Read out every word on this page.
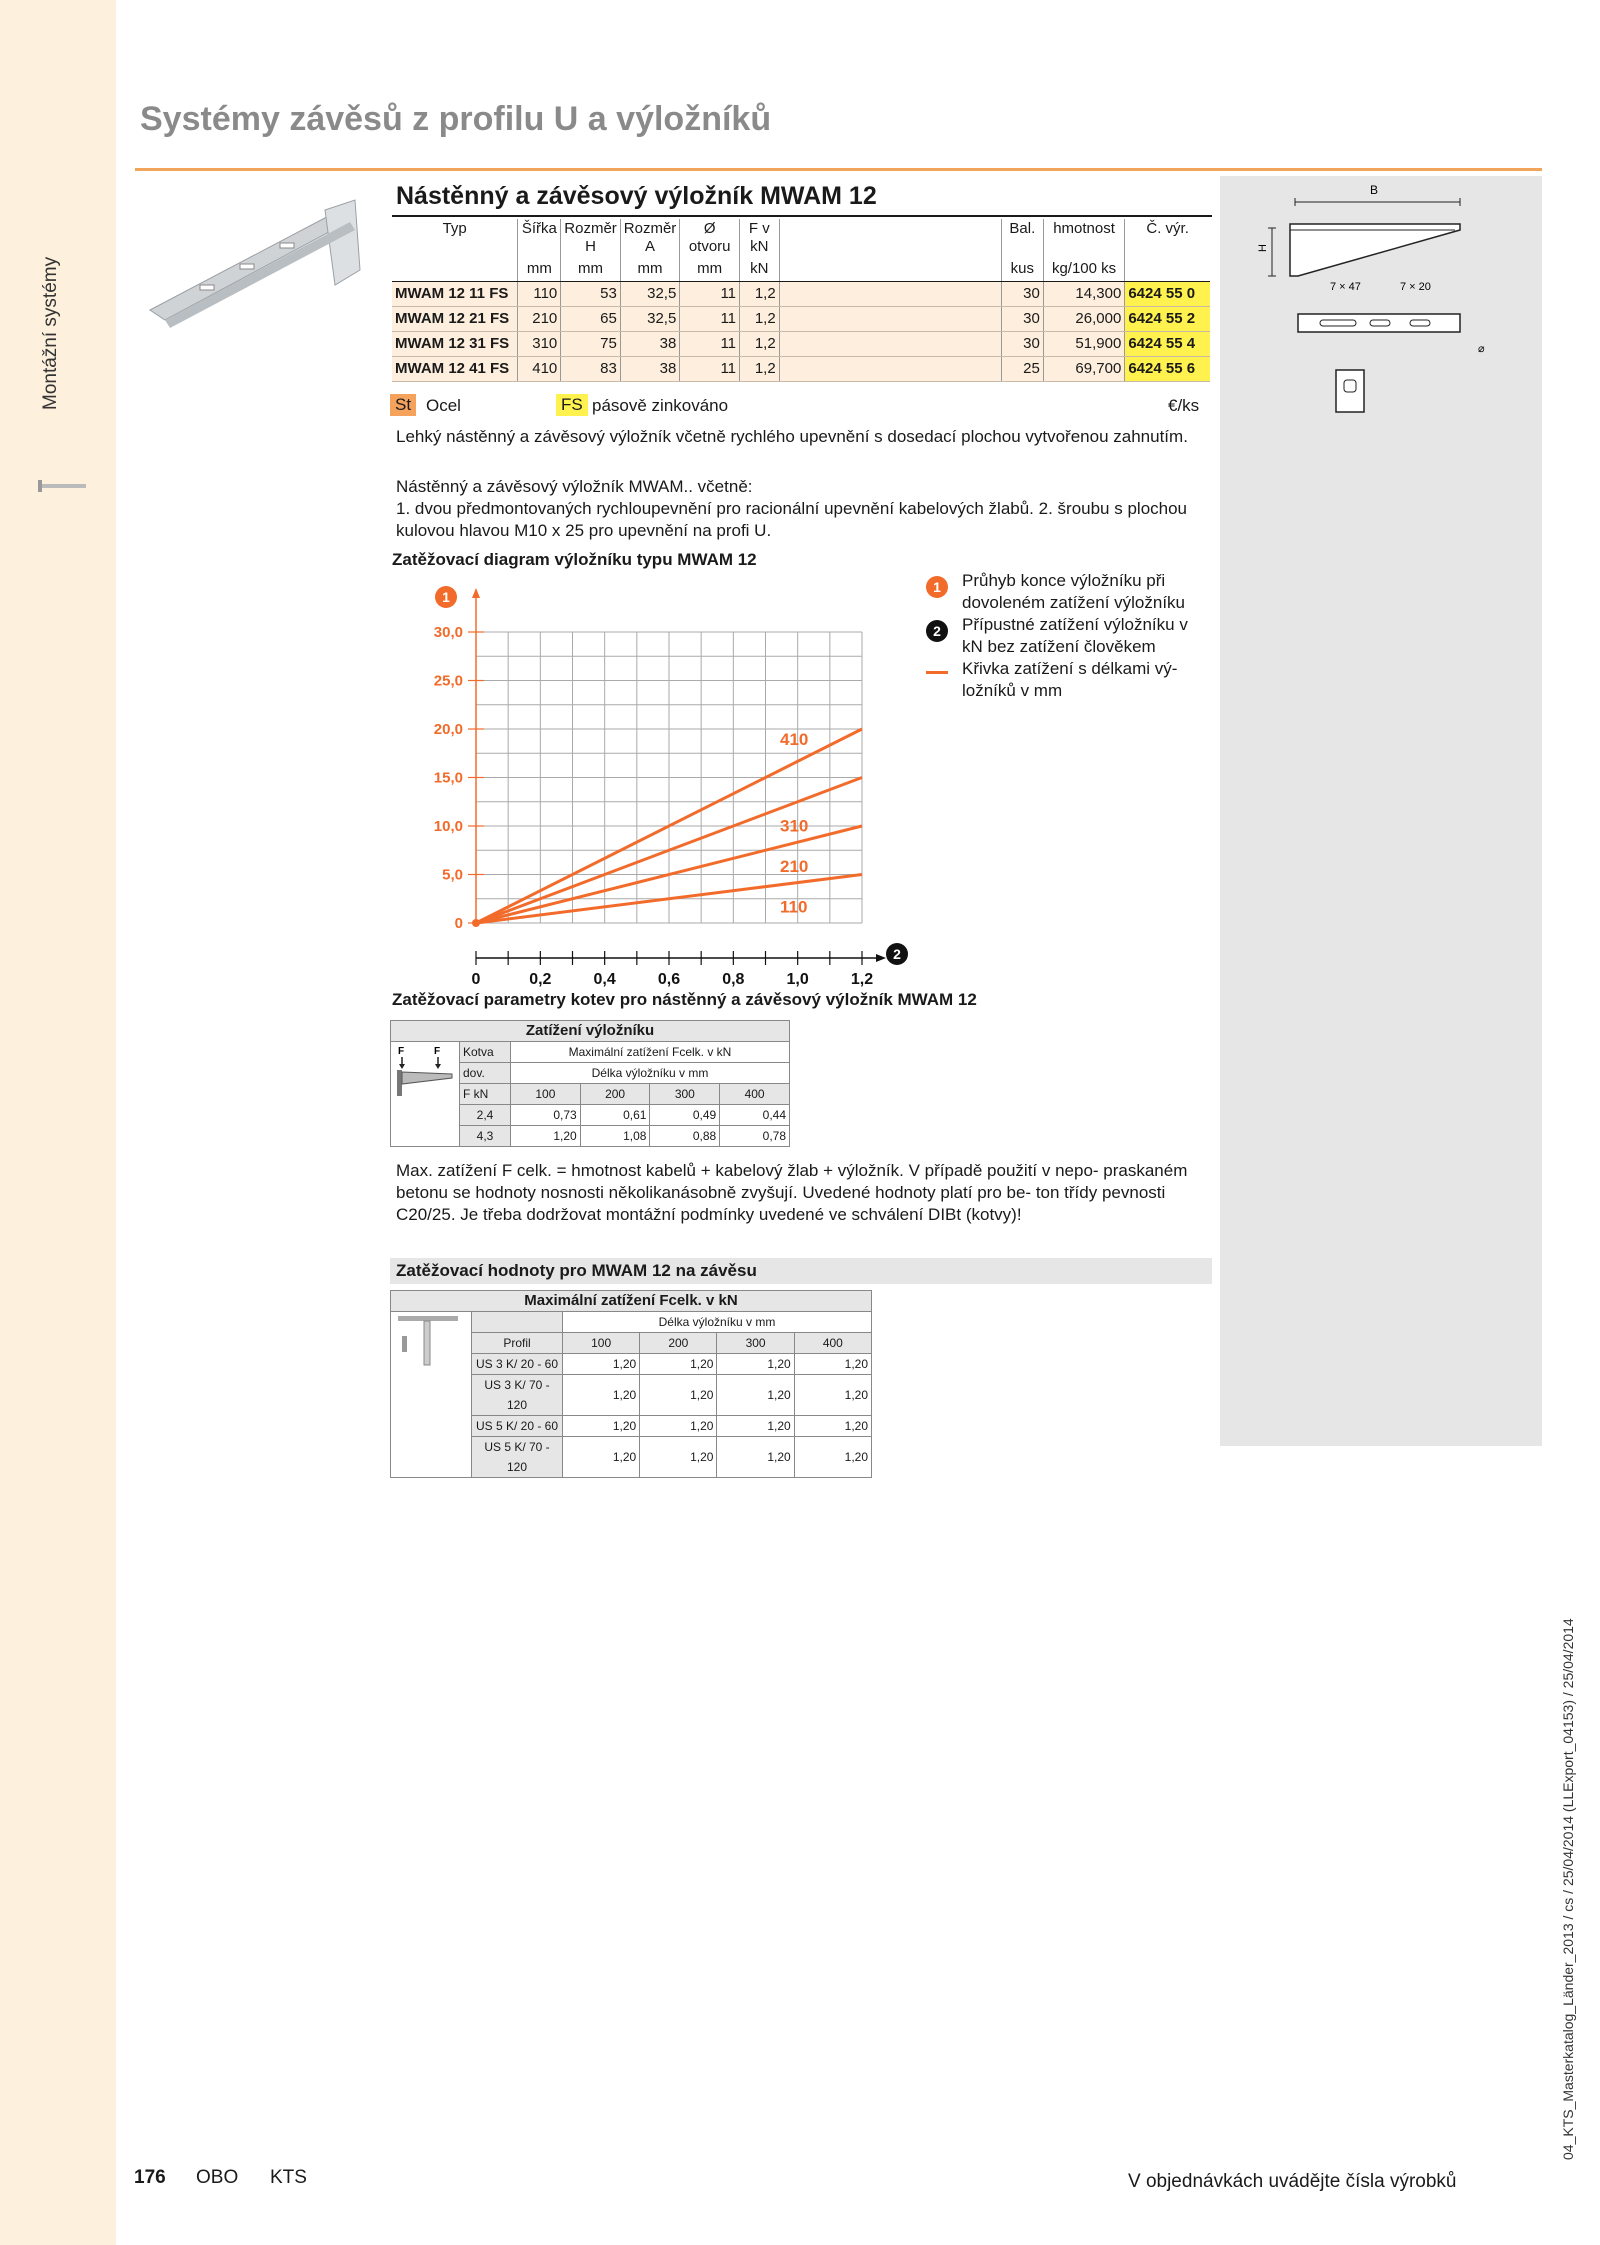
Montážní systémy
Systémy závěsů z profilu U a výložníků
Nástěnný a závěsový výložník MWAM 12
Typ	Šířka	Rozměr H	Rozměr A	Ø otvoru	F v kN		Bal.	hmotnost	Č. výr.
	mm	mm	mm	mm	kN		kus	kg/100 ks	
MWAM 12 11 FS	110	53	32,5	11	1,2		30	14,300	6424 55 0
MWAM 12 21 FS	210	65	32,5	11	1,2		30	26,000	6424 55 2
MWAM 12 31 FS	310	75	38	11	1,2		30	51,900	6424 55 4
MWAM 12 41 FS	410	83	38	11	1,2		25	69,700	6424 55 6
St Ocel	FS pásově zinkováno	€/ks
Lehký nástěnný a závěsový výložník včetně rychlého upevnění s dosedací plochou vytvořenou zahnutím.
Nástěnný a závěsový výložník MWAM.. včetně:
1. dvou předmontovaných rychloupevnění pro racionální upevnění kabelových žlabů. 2. šroubu s plochou kulovou hlavou M10 x 25 pro upevnění na profi U.
Zatěžovací diagram výložníku typu MWAM 12
0
5,0
10,0
15,0
20,0
25,0
30,0
0	0,2	0,4	0,6	0,8	1,0	1,2
410
310
210
110
1
2
1	Průhyb konce výložníku při dovoleném zatížení výložníku
2	Přípustné zatížení výložníku v kN bez zatížení člověkem
Křivka zatížení s délkami vý- ložníků v mm
Zatěžovací parametry kotev pro nástěnný a závěsový výložník MWAM 12
Zatížení výložníku					

F F	Kotva	Maximální zatížení Fcelk. v kN			
	dov.	Délka výložníku v mm			
	F kN	100	200	300	400
	2,4	0,73	0,61	0,49	0,44
	4,3	1,20	1,08	0,88	0,78
Max. zatížení F celk. = hmotnost kabelů + kabelový žlab + výložník. V případě použití v nepo- praskaném betonu se hodnoty nosnosti několikanásobně zvyšují. Uvedené hodnoty platí pro be- ton třídy pevnosti C20/25. Je třeba dodržovat montážní podmínky uvedené ve schválení DIBt (kotvy)!
Zatěžovací hodnoty pro MWAM 12 na závěsu
Maximální zatížení Fcelk. v kN					
		Délka výložníku v mm			
	Profil	100	200	300	400
	US 3 K/ 20 - 60	1,20	1,20	1,20	1,20
	US 3 K/ 70 - 120	1,20	1,20	1,20	1,20
	US 5 K/ 20 - 60	1,20	1,20	1,20	1,20
	US 5 K/ 70 - 120	1,20	1,20	1,20	1,20
B
H
7 × 47	7 × 20
⌀
176 OBO KTS	V objednávkách uvádějte čísla výrobků
04_KTS_Masterkatalog_Länder_2013 / cs / 25/04/2014 (LLExport_04153) / 25/04/2014
